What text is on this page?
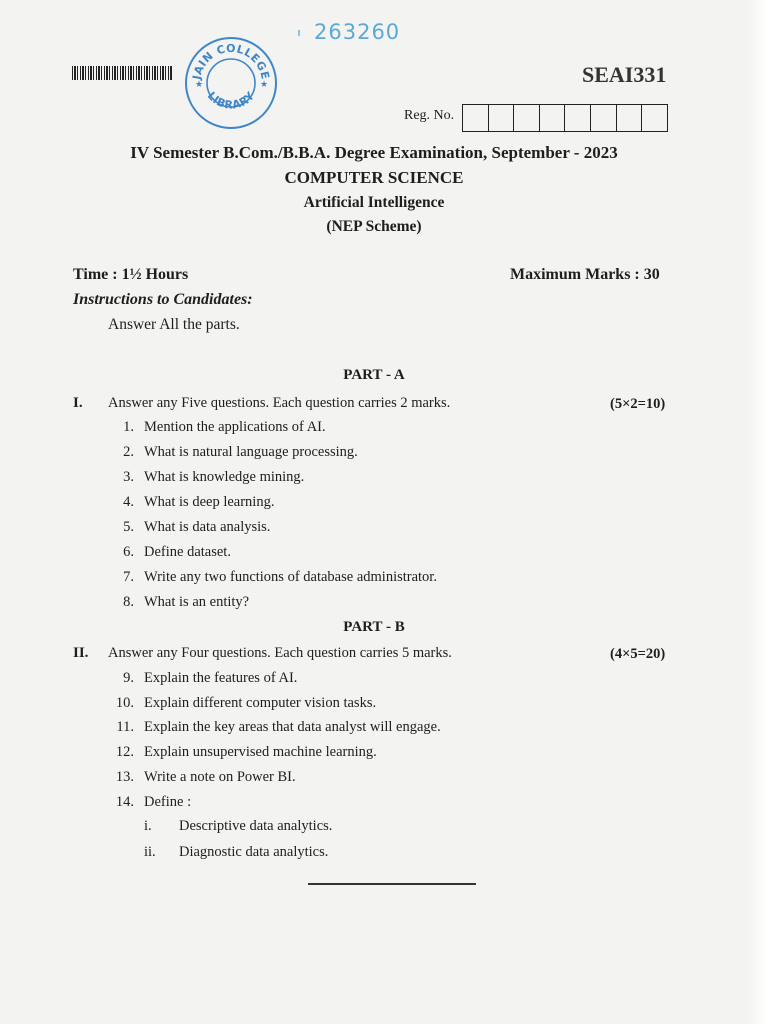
263260
JAIN COLLEGE
LIBRARY
★	★	SEAI331
Reg. No.
IV Semester B.Com./B.B.A. Degree Examination, September - 2023
COMPUTER SCIENCE
Artificial Intelligence
(NEP Scheme)
Time : 1½ Hours	Maximum Marks : 30
Instructions to Candidates:
Answer All the parts.
PART - A
I. Answer any Five questions. Each question carries 2 marks.	(5×2=10)
1. Mention the applications of AI.
2. What is natural language processing.
3. What is knowledge mining.
4. What is deep learning.
5. What is data analysis.
6. Define dataset.
7. Write any two functions of database administrator.
8. What is an entity?
PART - B
II. Answer any Four questions. Each question carries 5 marks.	(4×5=20)
9. Explain the features of AI.
10. Explain different computer vision tasks.
11. Explain the key areas that data analyst will engage.
12. Explain unsupervised machine learning.
13. Write a note on Power BI.
14. Define :
i.	Descriptive data analytics.
ii.	Diagnostic data analytics.
